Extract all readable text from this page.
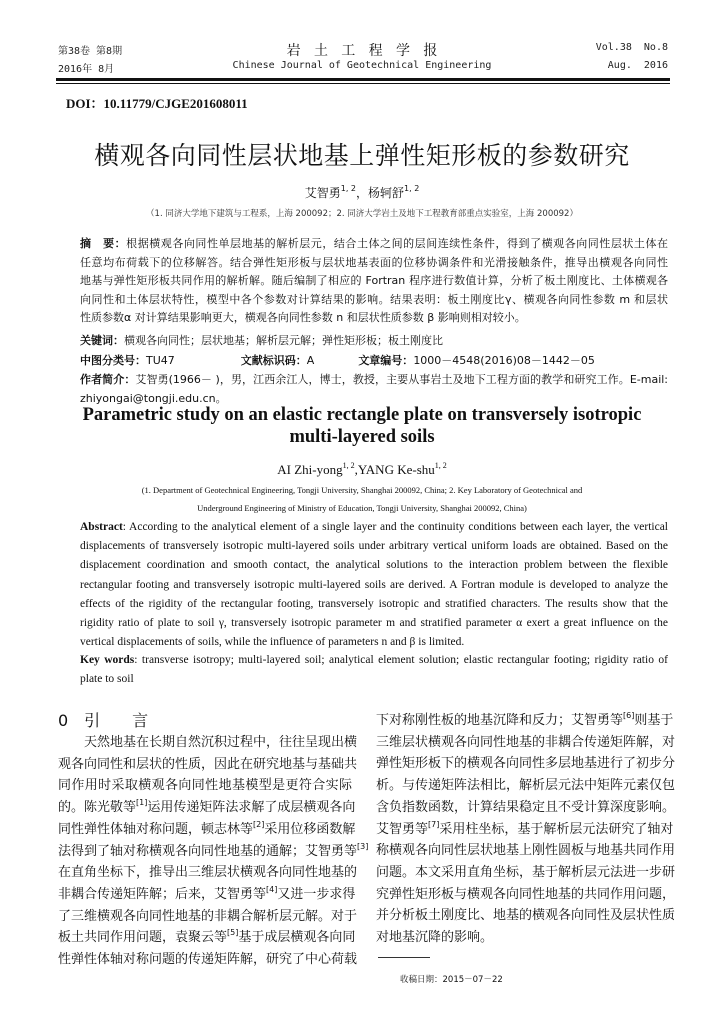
第38卷 第8期
2016年 8月
岩   土   工   程   学   报
Chinese Journal of Geotechnical Engineering
Vol.38  No.8
Aug.  2016
DOI：10.11779/CJGE201608011
横观各向同性层状地基上弹性矩形板的参数研究
艾智勇$^{1, 2}$，杨轲舒$^{1, 2}$
（1. 同济大学地下建筑与工程系，上海 200092；2. 同济大学岩土及地下工程教育部重点实验室，上海 200092）
摘　要：根据横观各向同性单层地基的解析层元，结合土体之间的层间连续性条件，得到了横观各向同性层状土体在
任意均布荷载下的位移解答。结合弹性矩形板与层状地基表面的位移协调条件和光滑接触条件，推导出横观各向同性
地基与弹性矩形板共同作用的解析解。随后编制了相应的 Fortran 程序进行数值计算，分析了板土刚度比、土体横观各
向同性和土体层状特性，模型中各个参数对计算结果的影响。结果表明：板土刚度比γ、横观各向同性参数 m 和层状
性质参数α 对计算结果影响更大，横观各向同性参数 n 和层状性质参数 β 影响则相对较小。
关键词：横观各向同性；层状地基；解析层元解；弹性矩形板；板土刚度比
中图分类号：TU47	文献标识码：A	文章编号：1000－4548(2016)08－1442－05
作者简介：艾智勇(1966－ )，男，江西余江人，博士，教授，主要从事岩土及地下工程方面的教学和研究工作。E-mail:
zhiyongai@tongji.edu.cn。
Parametric study on an elastic rectangle plate on transversely isotropic
multi-layered soils
AI Zhi-yong$^{1, 2}$,YANG Ke-shu$^{1, 2}$
(1. Department of Geotechnical Engineering, Tongji University, Shanghai 200092, China; 2. Key Laboratory of Geotechnical and
Underground Engineering of Ministry of Education, Tongji University, Shanghai 200092, China)
Abstract: According to the analytical element of a single layer and the continuity conditions between each layer, the vertical
displacements of transversely isotropic multi-layered soils under arbitrary vertical uniform loads are obtained. Based on the
displacement coordination and smooth contact, the analytical solutions to the interaction problem between the flexible
rectangular footing and transversely isotropic multi-layered soils are derived. A Fortran module is developed to analyze the
effects of the rigidity of the rectangular footing, transversely isotropic and stratified characters. The results show that the
rigidity ratio of plate to soil γ, transversely isotropic parameter m and stratified parameter α exert a great influence on the
vertical displacements of soils, while the influence of parameters n and β is limited.
Key words: transverse isotropy; multi-layered soil; analytical element solution; elastic rectangular footing; rigidity ratio of
plate to soil
0　引　　言
　　天然地基在长期自然沉积过程中，往往呈现出横
观各向同性和层状的性质，因此在研究地基与基础共
同作用时采取横观各向同性地基模型是更符合实际
的。陈光敬等[1]运用传递矩阵法求解了成层横观各向
同性弹性体轴对称问题，顿志林等[2]采用位移函数解
法得到了轴对称横观各向同性地基的通解；艾智勇等[3]
在直角坐标下，推导出三维层状横观各向同性地基的
非耦合传递矩阵解；后来，艾智勇等[4]又进一步求得
了三维横观各向同性地基的非耦合解析层元解。对于
板土共同作用问题，袁聚云等[5]基于成层横观各向同
性弹性体轴对称问题的传递矩阵解，研究了中心荷载
下对称刚性板的地基沉降和反力；艾智勇等[6]则基于
三维层状横观各向同性地基的非耦合传递矩阵解，对
弹性矩形板下的横观各向同性多层地基进行了初步分
析。与传递矩阵法相比，解析层元法中矩阵元素仅包
含负指数函数，计算结果稳定且不受计算深度影响。
艾智勇等[7]采用柱坐标，基于解析层元法研究了轴对
称横观各向同性层状地基上刚性圆板与地基共同作用
问题。本文采用直角坐标，基于解析层元法进一步研
究弹性矩形板与横观各向同性地基的共同作用问题，
并分析板土刚度比、地基的横观各向同性及层状性质
对地基沉降的影响。
收稿日期：2015－07－22
